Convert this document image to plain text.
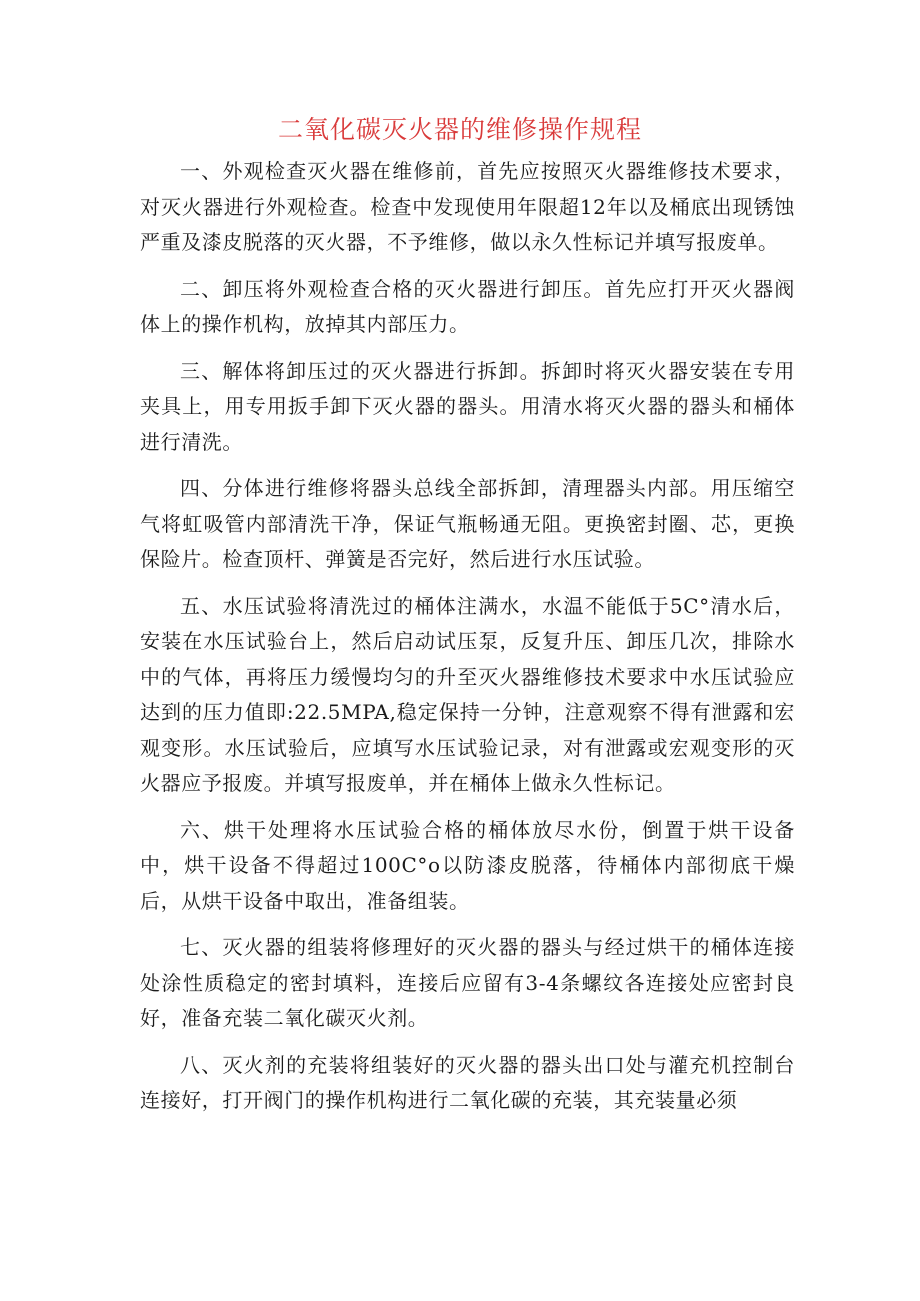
二氧化碳灭火器的维修操作规程

一、外观检查灭火器在维修前，首先应按照灭火器维修技术要求，对灭火器进行外观检查。检查中发现使用年限超12年以及桶底出现锈蚀严重及漆皮脱落的灭火器，不予维修，做以永久性标记并填写报废单。

二、卸压将外观检查合格的灭火器进行卸压。首先应打开灭火器阀体上的操作机构，放掉其内部压力。

三、解体将卸压过的灭火器进行拆卸。拆卸时将灭火器安装在专用夹具上，用专用扳手卸下灭火器的器头。用清水将灭火器的器头和桶体进行清洗。

四、分体进行维修将器头总线全部拆卸，清理器头内部。用压缩空气将虹吸管内部清洗干净，保证气瓶畅通无阻。更换密封圈、芯，更换保险片。检查顶杆、弹簧是否完好，然后进行水压试验。

五、水压试验将清洗过的桶体注满水，水温不能低于5C°清水后，安装在水压试验台上，然后启动试压泵，反复升压、卸压几次，排除水中的气体，再将压力缓慢均匀的升至灭火器维修技术要求中水压试验应达到的压力值即:22.5MPA,稳定保持一分钟，注意观察不得有泄露和宏观变形。水压试验后，应填写水压试验记录，对有泄露或宏观变形的灭火器应予报废。并填写报废单，并在桶体上做永久性标记。

六、烘干处理将水压试验合格的桶体放尽水份，倒置于烘干设备中，烘干设备不得超过100C°o以防漆皮脱落，待桶体内部彻底干燥后，从烘干设备中取出，准备组装。

七、灭火器的组装将修理好的灭火器的器头与经过烘干的桶体连接处涂性质稳定的密封填料，连接后应留有3-4条螺纹各连接处应密封良好，准备充装二氧化碳灭火剂。

八、灭火剂的充装将组装好的灭火器的器头出口处与灌充机控制台连接好，打开阀门的操作机构进行二氧化碳的充装，其充装量必须
